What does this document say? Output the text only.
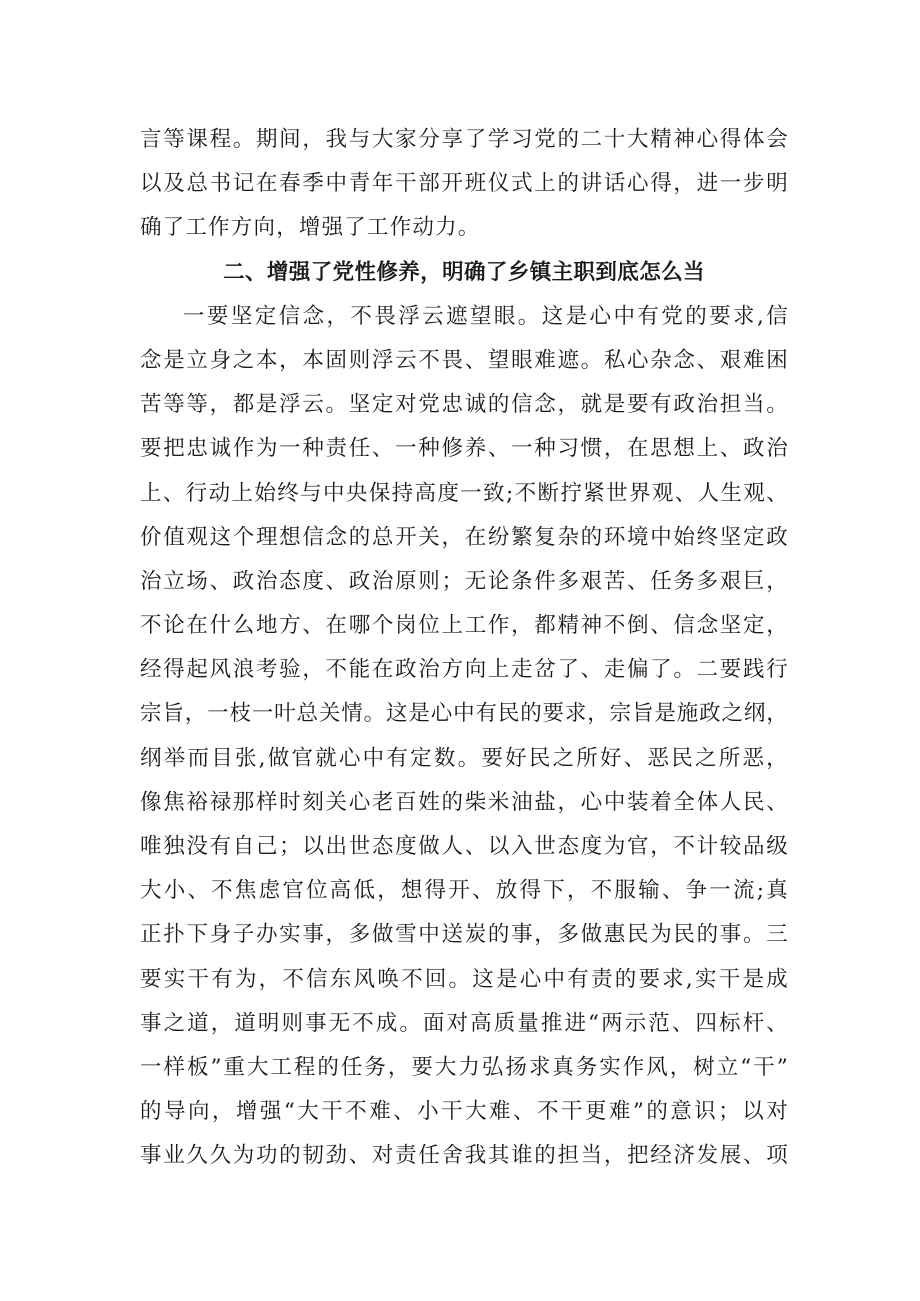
言等课程。期间，我与大家分享了学习党的二十大精神心得体会
以及总书记在春季中青年干部开班仪式上的讲话心得，进一步明
确了工作方向，增强了工作动力。
二、增强了党性修养，明确了乡镇主职到底怎么当
一要坚定信念，不畏浮云遮望眼。这是心中有党的要求,信
念是立身之本，本固则浮云不畏、望眼难遮。私心杂念、艰难困
苦等等，都是浮云。坚定对党忠诚的信念，就是要有政治担当。
要把忠诚作为一种责任、一种修养、一种习惯，在思想上、政治
上、行动上始终与中央保持高度一致;不断拧紧世界观、人生观、
价值观这个理想信念的总开关，在纷繁复杂的环境中始终坚定政
治立场、政治态度、政治原则；无论条件多艰苦、任务多艰巨，
不论在什么地方、在哪个岗位上工作，都精神不倒、信念坚定，
经得起风浪考验，不能在政治方向上走岔了、走偏了。二要践行
宗旨，一枝一叶总关情。这是心中有民的要求，宗旨是施政之纲，
纲举而目张,做官就心中有定数。要好民之所好、恶民之所恶，
像焦裕禄那样时刻关心老百姓的柴米油盐，心中装着全体人民、
唯独没有自己；以出世态度做人、以入世态度为官，不计较品级
大小、不焦虑官位高低，想得开、放得下，不服输、争一流;真
正扑下身子办实事，多做雪中送炭的事，多做惠民为民的事。三
要实干有为，不信东风唤不回。这是心中有责的要求,实干是成
事之道，道明则事无不成。面对高质量推进“两示范、四标杆、
一样板”重大工程的任务，要大力弘扬求真务实作风，树立“干”
的导向，增强“大干不难、小干大难、不干更难”的意识；以对
事业久久为功的韧劲、对责任舍我其谁的担当，把经济发展、项
